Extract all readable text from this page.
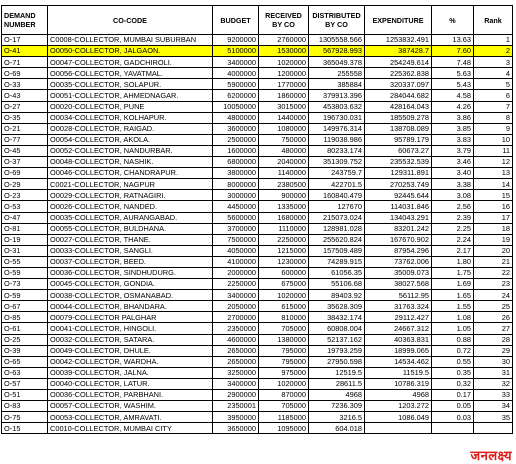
DEMAND NUMBER	CO-CODE	BUDGET	RECEIVED BY CO	DISTRIBUTED BY CO	EXPENDITURE	%	Rank
O-17	C0008-COLLECTOR, MUMBAI SUBURBAN	9200000	2760000	1305558.566	1253832.491	13.63	1
O-41	O0050-COLLECTOR, JALGAON.	5100000	1530000	567928.993	387428.7	7.60	2
O-71	O0047-COLLECTOR, GADCHIROLI.	3400000	1020000	365049.378	254249.614	7.48	3
O-69	O0056-COLLECTOR, YAVATMAL.	4000000	1200000	255558	225362.838	5.63	4
O-33	O0035-COLLECTOR, SOLAPUR.	5900000	1770000	385884	320337.097	5.43	5
O-43	O0051-COLLECTOR, AHMEDNAGAR.	6200000	1860000	379913.396	284044.682	4.58	6
O-27	O0020-COLLECTOR, PUNE	10050000	3015000	453803.632	428164.043	4.26	7
O-35	O0034-COLLECTOR, KOLHAPUR.	4800000	1440000	196730.031	185509.278	3.86	8
O-21	O0028-COLLECTOR, RAIGAD.	3600000	1080000	149976.314	138708.089	3.85	9
O-77	O0054-COLLECTOR, AKOLA.	2500000	750000	119038.986	95789.179	3.83	10
O-45	O0052-COLLECTOR, NANDURBAR.	1600000	480000	80233.174	60673.27	3.79	11
O-37	O0048-COLLECTOR, NASHIK.	6800000	2040000	351309.752	235532.539	3.46	12
O-69	O0046-COLLECTOR, CHANDRAPUR.	3800000	1140000	243759.7	129311.891	3.40	13
O-29	C0021-COLLECTOR, NAGPUR	8000000	2380500	422701.5	270253.749	3.38	14
O-23	O0029-COLLECTOR, RATNAGIRI.	3000000	900000	160840.479	92445.644	3.08	15
O-53	O0026-COLLECTOR, NANDED.	4450000	1335000	127670	114031.846	2.56	16
O-47	O0035-COLLECTOR, AURANGABAD.	5600000	1680000	215073.024	134043.291	2.39	17
O-81	O0055-COLLECTOR, BULDHANA.	3700000	1110000	128981.028	83201.242	2.25	18
O-19	O0027-COLLECTOR, THANE.	7500000	2250000	255620.824	167670.902	2.24	19
O-31	O0033-COLLECTOR, SANGLI.	4050000	1215000	157509.489	87954.296	2.17	20
O-55	O0037-COLLECTOR, BEED.	4100000	1230000	74289.915	73762.006	1.80	21
O-59	O0036-COLLECTOR, SINDHUDURG.	2000000	600000	61056.35	35009.073	1.75	22
O-73	O0045-COLLECTOR, GONDIA.	2250000	675000	55106.68	38027.568	1.69	23
O-59	O0038-COLLECTOR, OSMANABAD.	3400000	1020000	89403.92	56112.95	1.65	24
O-67	O0044-COLLECTOR, BHANDARA.	2050000	615000	35628.309	31763.324	1.55	25
O-85	O0079-COLLECTOR PALGHAR	2700000	810000	38432.174	29112.427	1.08	26
O-61	O0041-COLLECTOR, HINGOLI.	2350000	705000	60808.004	24667.312	1.05	27
O-25	O0032-COLLECTOR, SATARA.	4600000	1380000	52137.162	40363.831	0.88	28
O-39	O0049-COLLECTOR, DHULE.	2650000	795000	19793.259	18999.065	0.72	29
O-65	O0042-COLLECTOR, WARDHA.	2650000	795000	27950.598	14534.462	0.55	30
O-63	O0039-COLLECTOR, JALNA.	3250000	975000	12519.5	11519.5	0.35	31
O-57	O0040-COLLECTOR, LATUR.	3400000	1020000	28611.5	10786.319	0.32	32
O-51	O0036-COLLECTOR, PARBHANI.	2900000	870000	4968	4968	0.17	33
O-83	O0057-COLLECTOR, WASHIM.	2350001	705000	7236.309	1203.272	0.05	34
O-75	O0053-COLLECTOR, AMRAVATI.	3950000	1185000	3216.5	1086.049	0.03	35
O-15	C0010-COLLECTOR, MUMBAI CITY	3650000	1095000	604.018			
जनलक्ष्य
